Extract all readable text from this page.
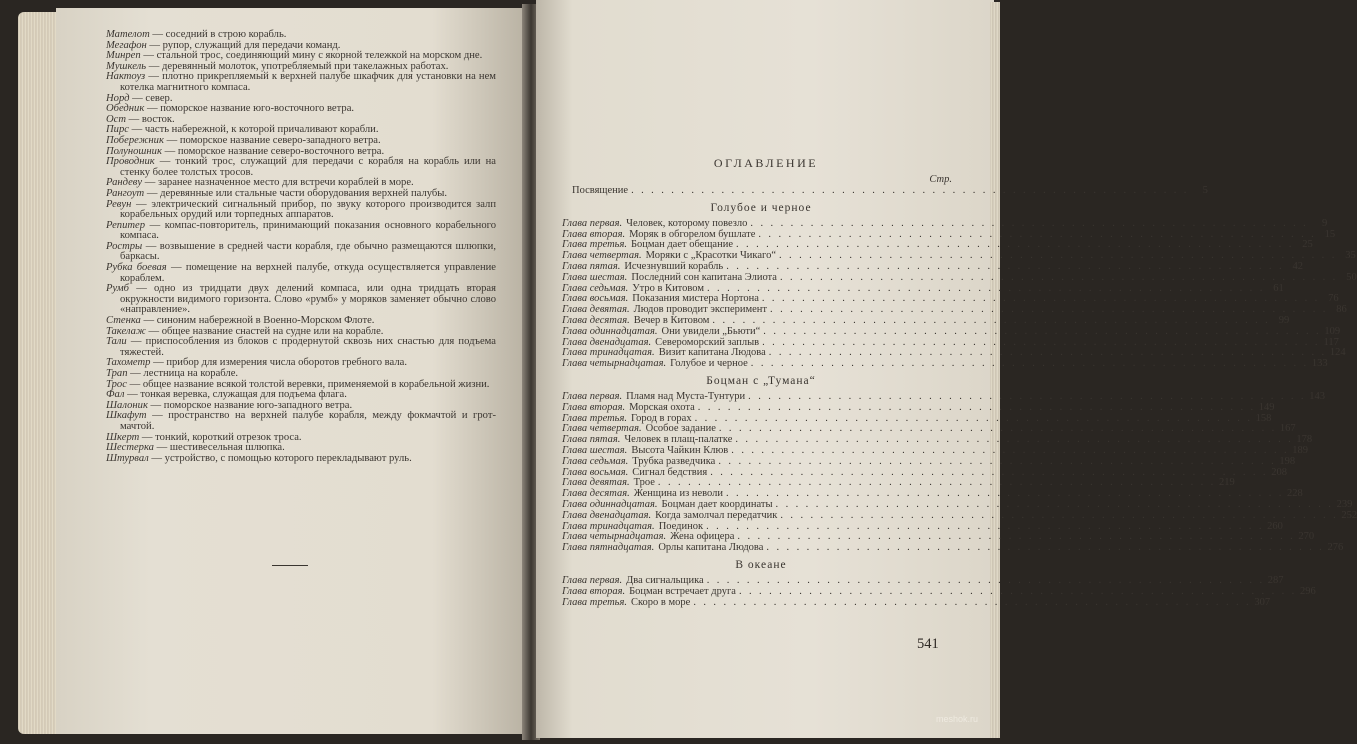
Мателот — соседний в строю корабль.

Мегафон — рупор, служащий для передачи команд.

Минреп — стальной трос, соединяющий мину с якорной тележкой на морском дне.

Мушкель — деревянный молоток, употребляемый при такелажных работах.

Нактоуз — плотно прикрепляемый к верхней палубе шкафчик для установки на нем котелка магнитного компаса.

Норд — север.

Обедник — поморское название юго-восточного ветра.

Ост — восток.

Пирс — часть набережной, к которой причаливают корабли.

Побережник — поморское название северо-западного ветра.

Полуношник — поморское название северо-восточного ветра.

Проводник — тонкий трос, служащий для передачи с корабля на корабль или на стенку более толстых тросов.

Рандеву — заранее назначенное место для встречи кораблей в море.

Рангоут — деревянные или стальные части оборудования верхней палубы.

Ревун — электрический сигнальный прибор, по звуку которого производится залп корабельных орудий или торпедных аппаратов.

Репитер — компас-повторитель, принимающий показания основного корабельного компаса.

Ростры — возвышение в средней части корабля, где обычно размещаются шлюпки, баркасы.

Рубка боевая — помещение на верхней палубе, откуда осуществляется управление кораблем.

Румб — одно из тридцати двух делений компаса, или одна тридцать вторая окружности видимого горизонта. Слово «румб» у моряков заменяет обычно слово «направление».

Стенка — синоним набережной в Военно-Морском Флоте.

Такелаж — общее название снастей на судне или на корабле.

Тали — приспособления из блоков с продернутой сквозь них снастью для подъема тяжестей.

Тахометр — прибор для измерения числа оборотов гребного вала.

Трап — лестница на корабле.

Трос — общее название всякой толстой веревки, применяемой в корабельной жизни.

Фал — тонкая веревка, служащая для подъема флага.

Шалоник — поморское название юго-западного ветра.

Шкафут — пространство на верхней палубе корабля, между фокмачтой и грот-мачтой.

Шкерт — тонкий, короткий отрезок троса.

Шестерка — шестивесельная шлюпка.

Штурвал — устройство, с помощью которого перекладывают руль.

ОГЛАВЛЕНИЕ
Стр.
Посвящение . . . . . . . . . . . . . . . . . . . . . . . . . . . . . . . . . . . . . . . . . . . . . . . . . . . . . . . .	5
Голубое и черное
Глава первая. Человек, которому повезло . . . . . . . . . . . . . . . . . . . . . . . . . . . . . . . . . . . . . . . . . . . . . . . . . . . . . . . .	9
Глава вторая. Моряк в обгорелом бушлате . . . . . . . . . . . . . . . . . . . . . . . . . . . . . . . . . . . . . . . . . . . . . . . . . . . . . . . . 15
Глава третья. Боцман дает обещание . . . . . . . . . . . . . . . . . . . . . . . . . . . . . . . . . . . . . . . . . . . . . . . . . . . . . . . . 25
Глава четвертая. Моряки с „Красотки Чикаго“ . . . . . . . . . . . . . . . . . . . . . . . . . . . . . . . . . . . . . . . . . . . . . . . . . . . . . . . . 35
Глава пятая. Исчезнувший корабль . . . . . . . . . . . . . . . . . . . . . . . . . . . . . . . . . . . . . . . . . . . . . . . . . . . . . . . . 42
Глава шестая. Последний сон капитана Элиота . . . . . . . . . . . . . . . . . . . . . . . . . . . . . . . . . . . . . . . . . . . . . . . . . . . . . . . . 50
Глава седьмая. Утро в Китовом . . . . . . . . . . . . . . . . . . . . . . . . . . . . . . . . . . . . . . . . . . . . . . . . . . . . . . . . 61
Глава восьмая. Показания мистера Нортона . . . . . . . . . . . . . . . . . . . . . . . . . . . . . . . . . . . . . . . . . . . . . . . . . . . . . . . . 76
Глава девятая. Людов проводит эксперимент . . . . . . . . . . . . . . . . . . . . . . . . . . . . . . . . . . . . . . . . . . . . . . . . . . . . . . . . 86
Глава десятая. Вечер в Китовом . . . . . . . . . . . . . . . . . . . . . . . . . . . . . . . . . . . . . . . . . . . . . . . . . . . . . . . . 99
Глава одиннадцатая. Они увидели „Бьюти“ . . . . . . . . . . . . . . . . . . . . . . . . . . . . . . . . . . . . . . . . . . . . . . . . . . . . . . . . 109
Глава двенадцатая. Североморский заплыв . . . . . . . . . . . . . . . . . . . . . . . . . . . . . . . . . . . . . . . . . . . . . . . . . . . . . . . . 117
Глава тринадцатая. Визит капитана Людова . . . . . . . . . . . . . . . . . . . . . . . . . . . . . . . . . . . . . . . . . . . . . . . . . . . . . . . . 124
Глава четырнадцатая. Голубое и черное . . . . . . . . . . . . . . . . . . . . . . . . . . . . . . . . . . . . . . . . . . . . . . . . . . . . . . . . 133
Боцман с „Тумана“
Глава первая. Пламя над Муста-Тунтури . . . . . . . . . . . . . . . . . . . . . . . . . . . . . . . . . . . . . . . . . . . . . . . . . . . . . . . . 143
Глава вторая. Морская охота . . . . . . . . . . . . . . . . . . . . . . . . . . . . . . . . . . . . . . . . . . . . . . . . . . . . . . . . 149
Глава третья. Город в горах . . . . . . . . . . . . . . . . . . . . . . . . . . . . . . . . . . . . . . . . . . . . . . . . . . . . . . . . 158
Глава четвертая. Особое задание . . . . . . . . . . . . . . . . . . . . . . . . . . . . . . . . . . . . . . . . . . . . . . . . . . . . . . . . 167
Глава пятая. Человек в плащ-палатке . . . . . . . . . . . . . . . . . . . . . . . . . . . . . . . . . . . . . . . . . . . . . . . . . . . . . . . . 178
Глава шестая. Высота Чайкин Клюв . . . . . . . . . . . . . . . . . . . . . . . . . . . . . . . . . . . . . . . . . . . . . . . . . . . . . . . . 189
Глава седьмая. Трубка разведчика . . . . . . . . . . . . . . . . . . . . . . . . . . . . . . . . . . . . . . . . . . . . . . . . . . . . . . . . 198
Глава восьмая. Сигнал бедствия . . . . . . . . . . . . . . . . . . . . . . . . . . . . . . . . . . . . . . . . . . . . . . . . . . . . . . . . 208
Глава девятая. Трое . . . . . . . . . . . . . . . . . . . . . . . . . . . . . . . . . . . . . . . . . . . . . . . . . . . . . . . . 219
Глава десятая. Женщина из неволи . . . . . . . . . . . . . . . . . . . . . . . . . . . . . . . . . . . . . . . . . . . . . . . . . . . . . . . . 228
Глава одиннадцатая. Боцман дает координаты . . . . . . . . . . . . . . . . . . . . . . . . . . . . . . . . . . . . . . . . . . . . . . . . . . . . . . . . 239
Глава двенадцатая. Когда замолчал передатчик . . . . . . . . . . . . . . . . . . . . . . . . . . . . . . . . . . . . . . . . . . . . . . . . . . . . . . . . 252
Глава тринадцатая. Поединок . . . . . . . . . . . . . . . . . . . . . . . . . . . . . . . . . . . . . . . . . . . . . . . . . . . . . . . . 260
Глава четырнадцатая. Жена офицера . . . . . . . . . . . . . . . . . . . . . . . . . . . . . . . . . . . . . . . . . . . . . . . . . . . . . . . . 270
Глава пятнадцатая. Орлы капитана Людова . . . . . . . . . . . . . . . . . . . . . . . . . . . . . . . . . . . . . . . . . . . . . . . . . . . . . . . . 276
В океане
Глава первая. Два сигнальщика . . . . . . . . . . . . . . . . . . . . . . . . . . . . . . . . . . . . . . . . . . . . . . . . . . . . . . . . 287
Глава вторая. Боцман встречает друга . . . . . . . . . . . . . . . . . . . . . . . . . . . . . . . . . . . . . . . . . . . . . . . . . . . . . . . . 296
Глава третья. Скоро в море . . . . . . . . . . . . . . . . . . . . . . . . . . . . . . . . . . . . . . . . . . . . . . . . . . . . . . . . 307
541
meshok.ru
